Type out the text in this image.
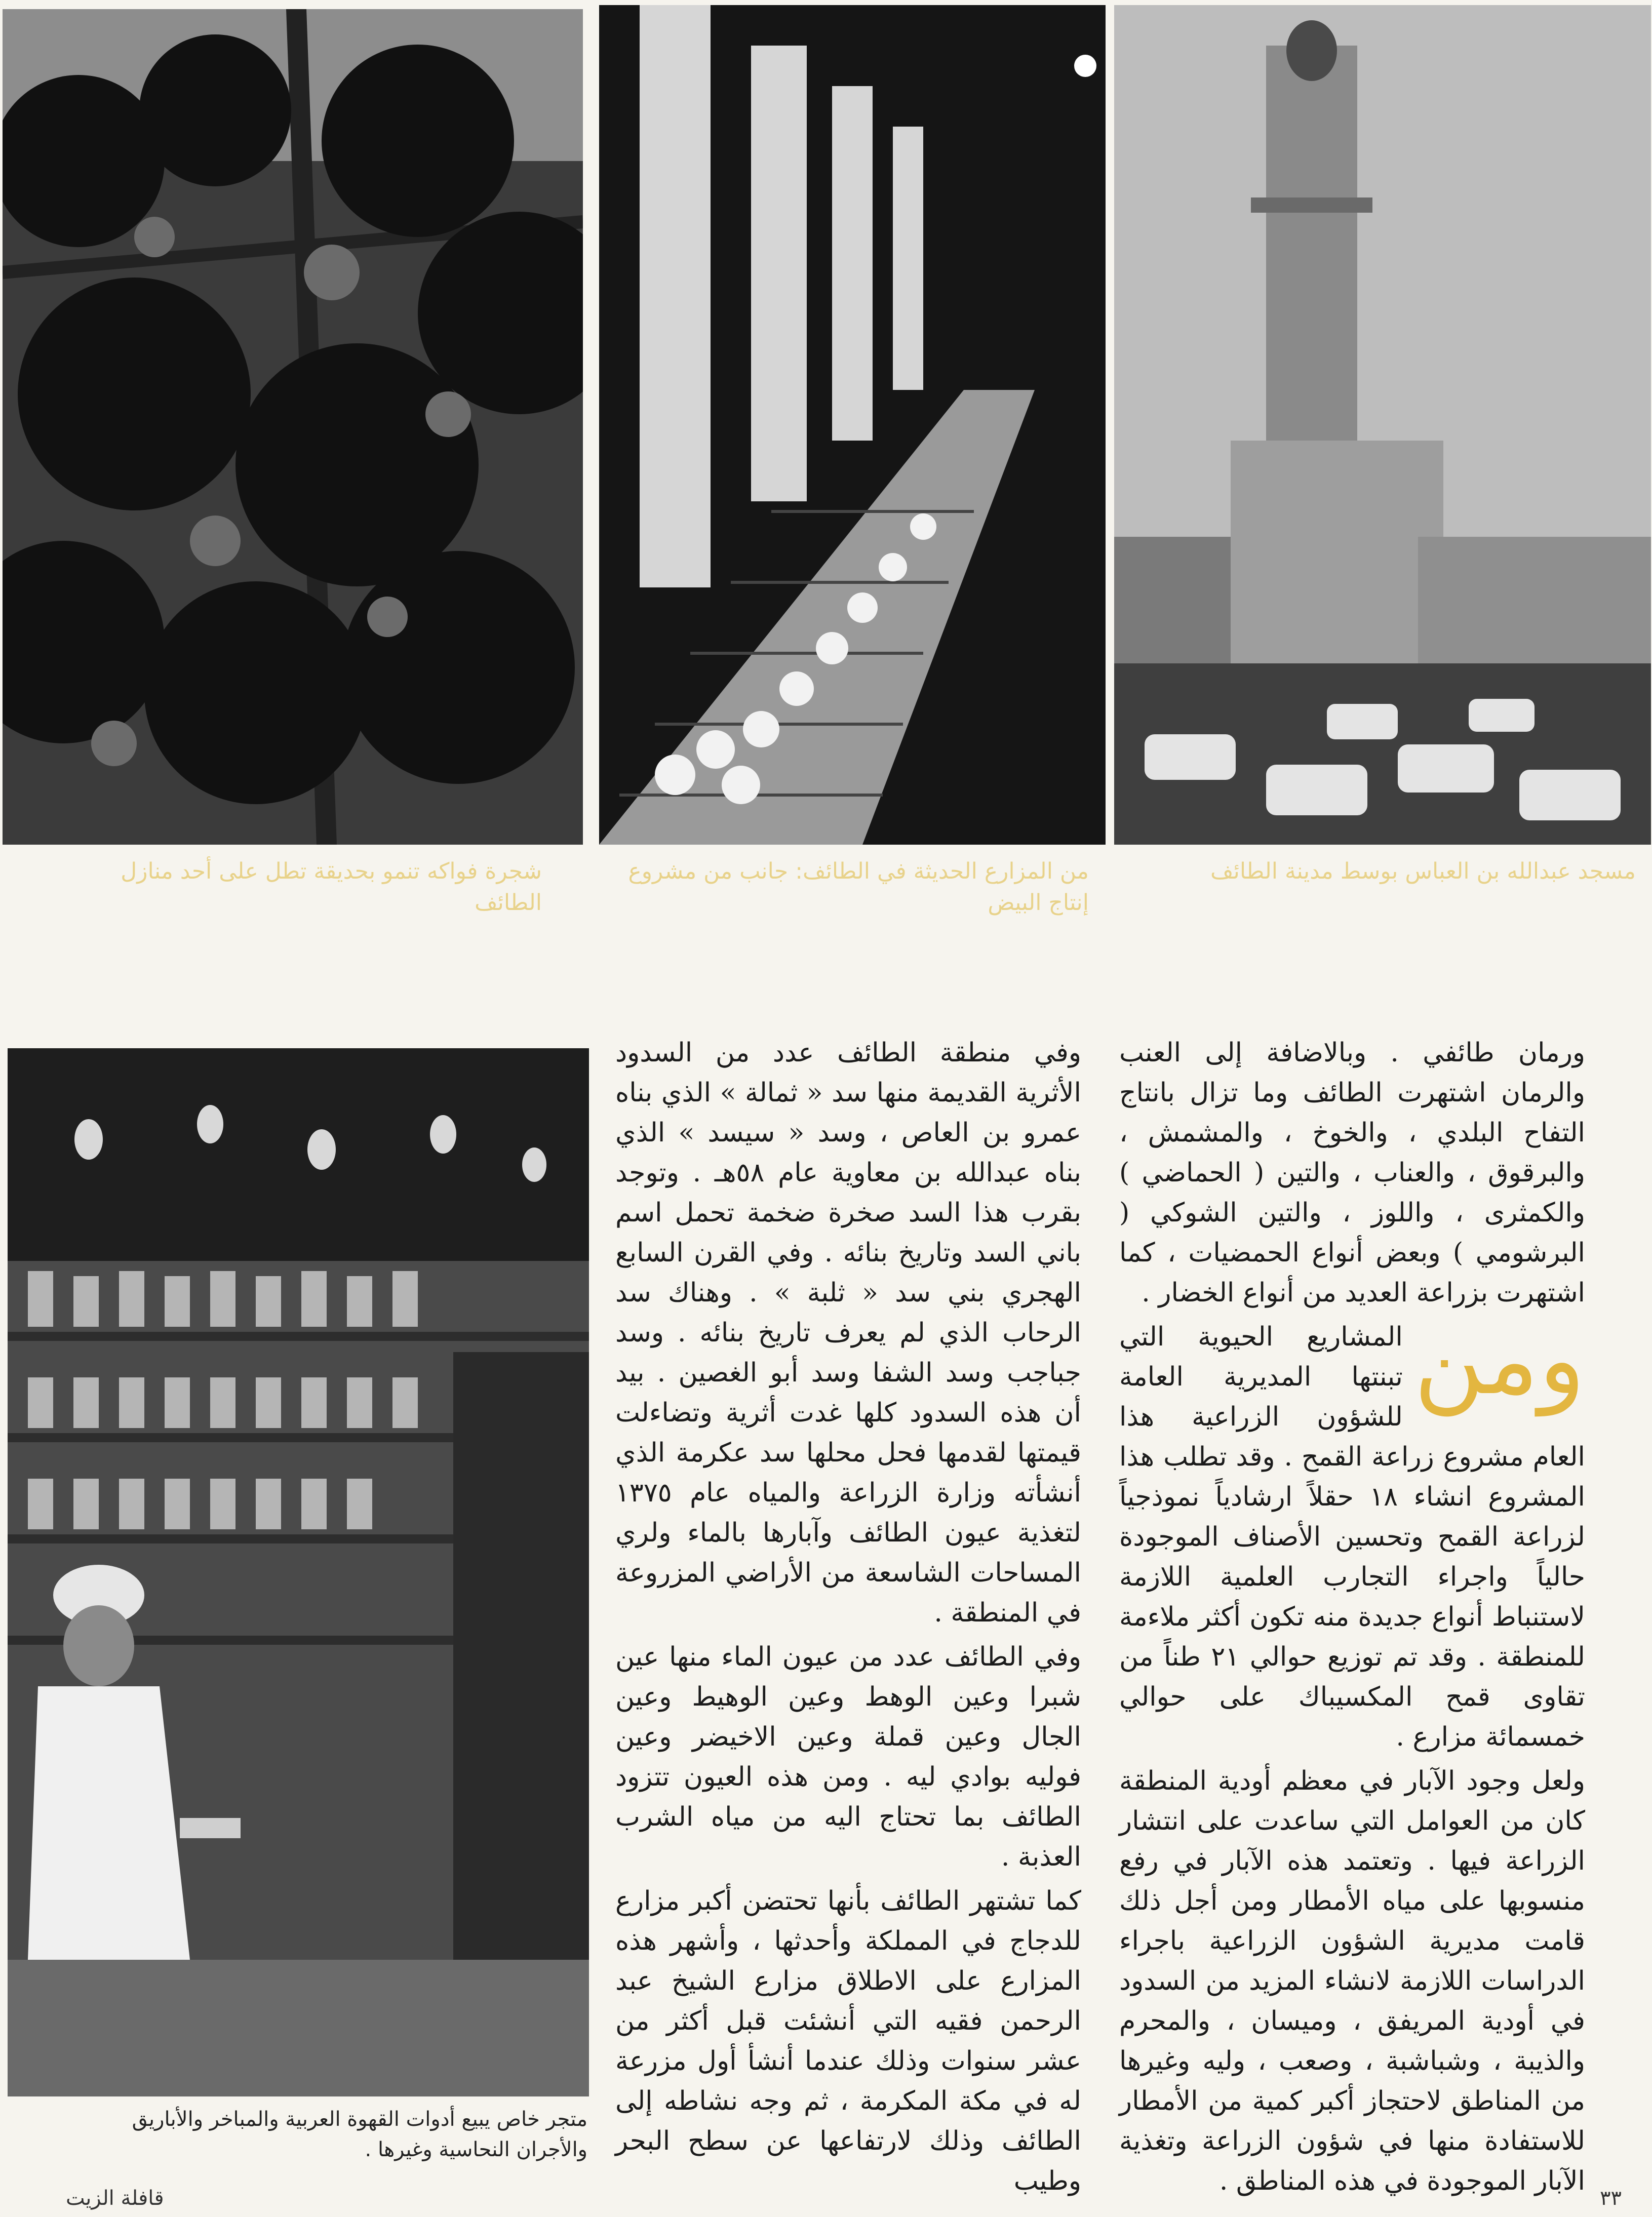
شجرة فواكه تنمو بحديقة تطل على أحد منازل الطائف
من المزارع الحديثة في الطائف: جانب من مشروع إنتاج البيض
مسجد عبدالله بن العباس بوسط مدينة الطائف

ورمان طائفي . وبالاضافة إلى العنب والرمان اشتهرت الطائف وما تزال بانتاج التفاح البلدي ، والخوخ ، والمشمش ، والبرقوق ، والعناب ، والتين ( الحماضي ) والكمثرى ، واللوز ، والتين الشوكي ( البرشومي ) وبعض أنواع الحمضيات ، كما اشتهرت بزراعة العديد من أنواع الخضار .

ومن
المشاريع الحيوية التي تبنتها المديرية العامة للشؤون الزراعية هذا العام مشروع زراعة القمح . وقد تطلب هذا المشروع انشاء ١٨ حقلاً ارشادياً نموذجياً لزراعة القمح وتحسين الأصناف الموجودة حالياً واجراء التجارب العلمية اللازمة لاستنباط أنواع جديدة منه تكون أكثر ملاءمة للمنطقة . وقد تم توزيع حوالي ٢١ طناً من تقاوى قمح المكسيباك على حوالي خمسمائة مزارع .

ولعل وجود الآبار في معظم أودية المنطقة كان من العوامل التي ساعدت على انتشار الزراعة فيها . وتعتمد هذه الآبار في رفع منسوبها على مياه الأمطار ومن أجل ذلك قامت مديرية الشؤون الزراعية باجراء الدراسات اللازمة لانشاء المزيد من السدود في أودية المريفق ، وميسان ، والمحرم والذيبة ، وشباشبة ، وصعب ، وليه وغيرها من المناطق لاحتجاز أكبر كمية من الأمطار للاستفادة منها في شؤون الزراعة وتغذية الآبار الموجودة في هذه المناطق .

وفي منطقة الطائف عدد من السدود الأثرية القديمة منها سد « ثمالة » الذي بناه عمرو بن العاص ، وسد « سيسد » الذي بناه عبدالله بن معاوية عام ٥٨هـ . وتوجد بقرب هذا السد صخرة ضخمة تحمل اسم باني السد وتاريخ بنائه . وفي القرن السابع الهجري بني سد « ثلبة » . وهناك سد الرحاب الذي لم يعرف تاريخ بنائه . وسد جباجب وسد الشفا وسد أبو الغصين . بيد أن هذه السدود كلها غدت أثرية وتضاءلت قيمتها لقدمها فحل محلها سد عكرمة الذي أنشأته وزارة الزراعة والمياه عام ١٣٧٥ لتغذية عيون الطائف وآبارها بالماء ولري المساحات الشاسعة من الأراضي المزروعة في المنطقة .

وفي الطائف عدد من عيون الماء منها عين شبرا وعين الوهط وعين الوهيط وعين الجال وعين قملة وعين الاخيضر وعين فوليه بوادي ليه . ومن هذه العيون تتزود الطائف بما تحتاج اليه من مياه الشرب العذبة .

كما تشتهر الطائف بأنها تحتضن أكبر مزارع للدجاج في المملكة وأحدثها ، وأشهر هذه المزارع على الاطلاق مزارع الشيخ عبد الرحمن فقيه التي أنشئت قبل أكثر من عشر سنوات وذلك عندما أنشأ أول مزرعة له في مكة المكرمة ، ثم وجه نشاطه إلى الطائف وذلك لارتفاعها عن سطح البحر وطيب

متجر خاص يبيع أدوات القهوة العربية والمباخر والأباريق والأجران النحاسية وغيرها .
قافلة الزيت	٣٣
